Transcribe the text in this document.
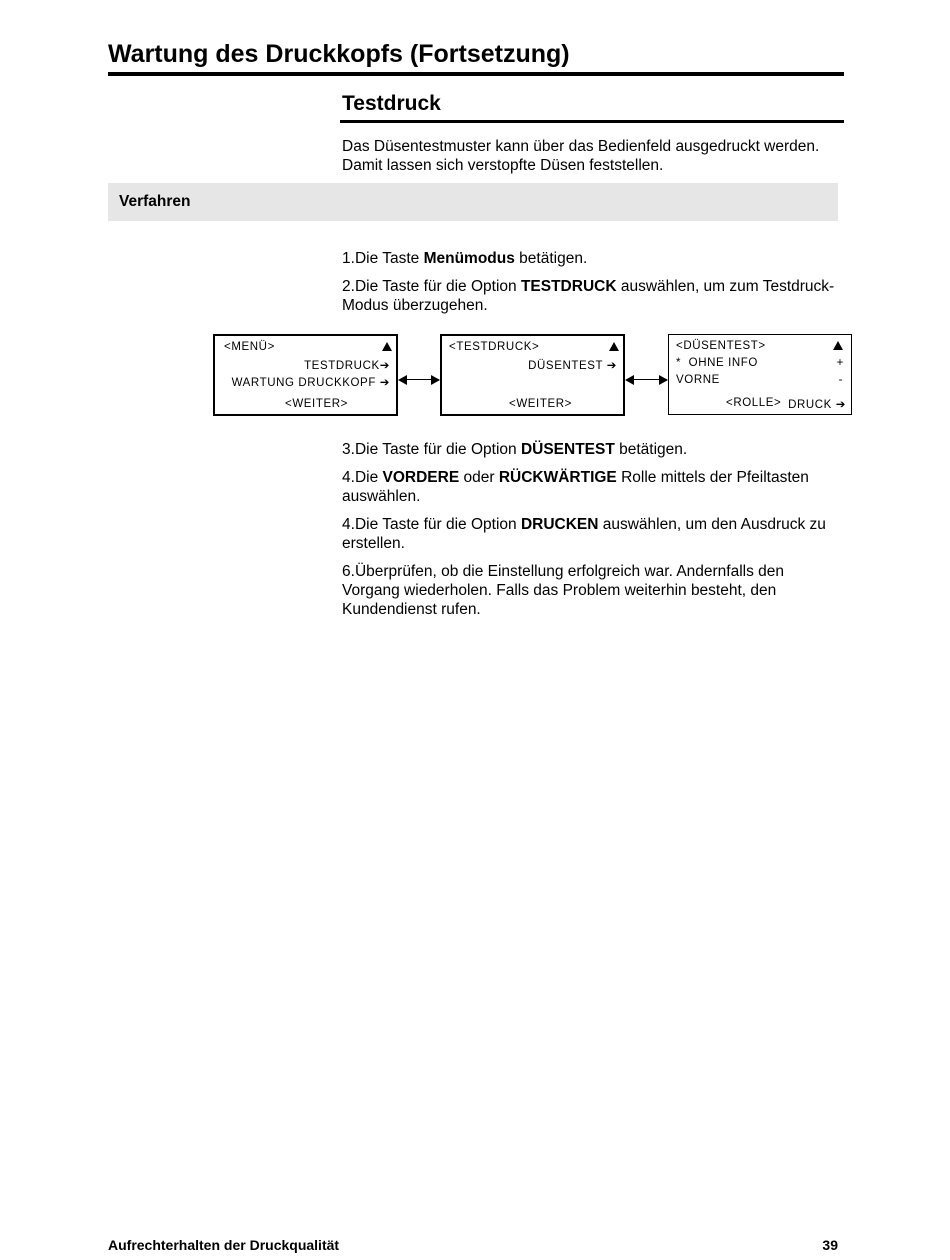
Wartung des Druckkopfs (Fortsetzung)
Testdruck
Das Düsentestmuster kann über das Bedienfeld ausgedruckt werden. Damit lassen sich verstopfte Düsen feststellen.
Verfahren

1.Die Taste Menümodus betätigen.

2.Die Taste für die Option TESTDRUCK auswählen, um zum Testdruck-Modus überzugehen.

<MENÜ>
TESTDRUCK➔
WARTUNG DRUCKKOPF ➔
<WEITER>
<TESTDRUCK>
DÜSENTEST ➔
<WEITER>
<DÜSENTEST>
* OHNE INFO	+
VORNE	-
<ROLLE> DRUCK ➔

3.Die Taste für die Option DÜSENTEST betätigen.

4.Die VORDERE oder RÜCKWÄRTIGE Rolle mittels der Pfeiltasten auswählen.

4.Die Taste für die Option DRUCKEN auswählen, um den Ausdruck zu erstellen.

6.Überprüfen, ob die Einstellung erfolgreich war. Andernfalls den Vorgang wiederholen. Falls das Problem weiterhin besteht, den Kundendienst rufen.

Aufrechterhalten der Druckqualität	39
